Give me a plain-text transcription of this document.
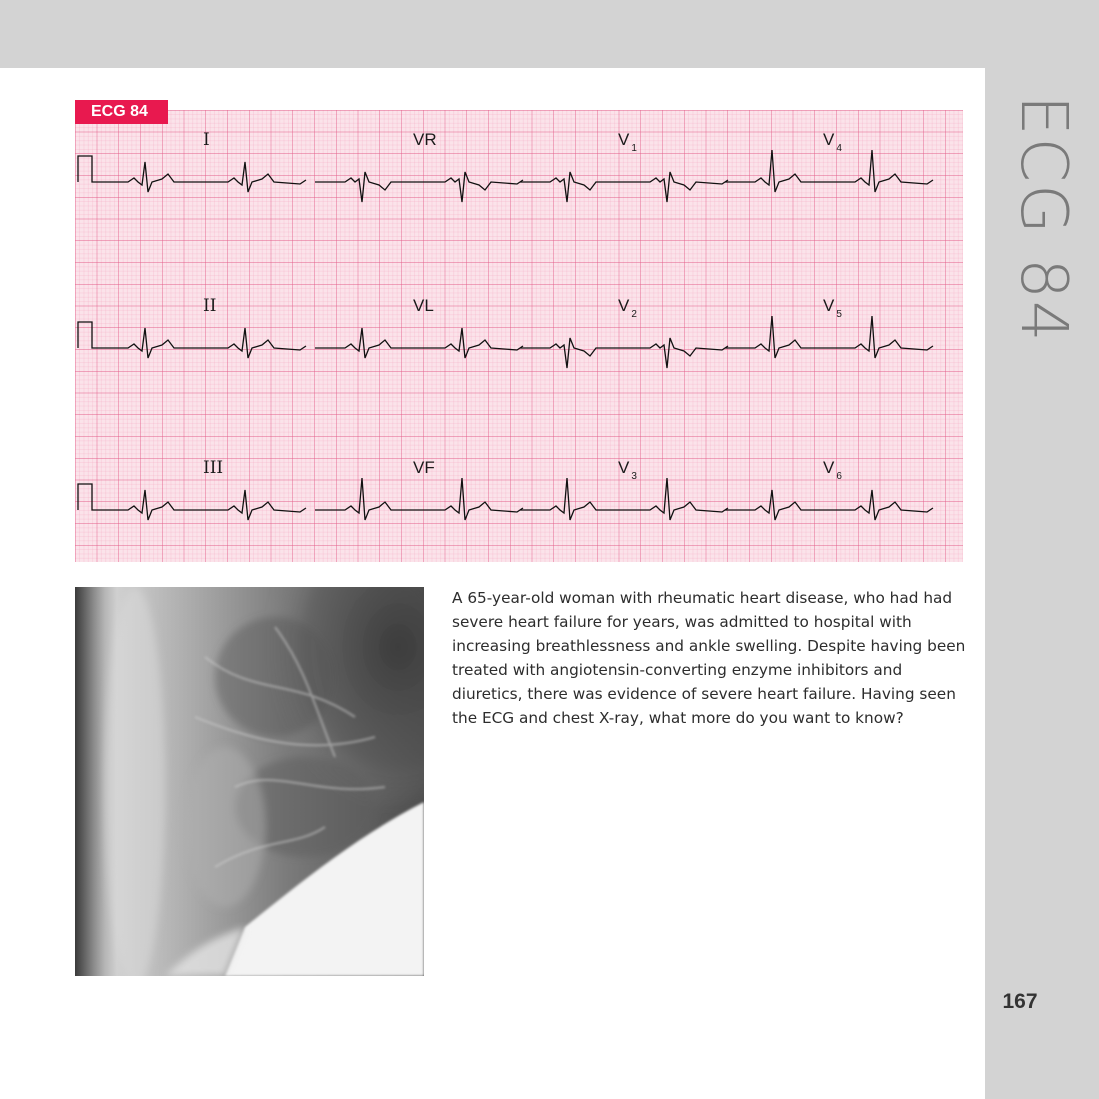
ECG 84
167
I	VR	V $_1$	V $_4$
II	VL	V $_2$	V $_5$
III	VF	V $_3$	V $_6$
ECG 84

A 65-year-old woman with rheumatic heart disease, who had had severe heart failure for years, was admitted to hospital with increasing breathlessness and ankle swelling. Despite having been treated with angiotensin-converting enzyme inhibitors and diuretics, there was evidence of severe heart failure. Having seen the ECG and chest X-ray, what more do you want to know?
